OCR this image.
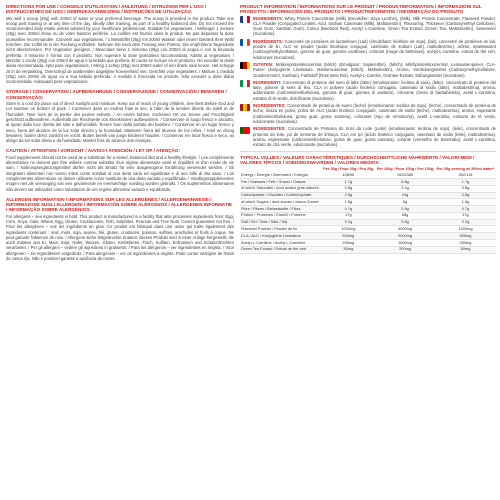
DIRECTIONS FOR USE / CONSEILS D'UTILISATION / ANLEITUNG / ISTRUZIONI PER L'USO / INSTRUCCIONES DE USO / GEBRUIKSAANWIJZING / INSTRUÇÕES DE UTILIZAÇÃO:
Mix well 1 scoop (25g) with 200ml of water or your preferred beverage. The scoop is provided in the product. Take one scoop post training or at any time of the day. Ideally after training, as part of a healthy balanced diet. Do not exceed the recommended daily intake unless advised by your healthcare professional. Suitable for vegetarians. / Mélanger 1 mesure (25g) avec 200ml d'eau ou de votre boisson préférée. La cuillère est fournie dans le produit. Ne pas dépasser la dose journalière recommandée. Convient aux végétariens. / 1 Messlöffel (25g) mit 200ml Wasser oder einem Getränk Ihrer Wahl mischen. Der Löffel ist in der Packung enthalten. Nehmen Sie nach dem Training eine Portion. Die empfohlene Tagesdosis nicht überschreiten. Für Vegetarier geeignet. / Mescolare bene 1 misurino (25g) con 200ml di acqua o con la bevanda preferita. Il misurino è fornito con il prodotto. Non superare la dose giornaliera raccomandata. Adatto ai vegetariani. / Mezclar 1 cacito (25g) con 200ml de agua o la bebida que prefiera. El cacito se incluye en el producto. No exceder la dosis diaria recomendada. Apto para vegetarianos. / Meng 1 schep (25g) met 200ml water of een drank naar keuze. Het schepje zit in de verpakking. Overschrijd de aanbevolen dagelijkse hoeveelheid niet. Geschikt voor vegetariërs. / Misture 1 medida (25g) com 200ml de água ou a sua bebida preferida. A medida é fornecida no produto. Não exceder a dose diária recomendada. Adequado para vegetarianos.
STORAGE / CONSERVATION / AUFBEWAHRUNG / CONSERVAZIONE / CONSERVACIÓN / BEWAREN / CONSERVAÇÃO:
Store in a cool dry place out of direct sunlight and moisture. Keep out of reach of young children. See Best Before End and Lot Number on bottom of pack. / Conserver dans un endroit frais et sec, à l'abri de la lumière directe du soleil et de l'humidité. Tenir hors de la portée des jeunes enfants. / An einem kühlen, trockenen Ort vor Sonne und Feuchtigkeit geschützt aufbewahren. Außerhalb der Reichweite von Kleinkindern aufbewahren. / Conservare in luogo fresco e asciutto, al riparo dalla luce diretta del sole e dall'umidità. Tenere fuori dalla portata dei bambini. / Conservar en un lugar fresco y seco, fuera del alcance de la luz solar directa y la humedad. Mantener fuera del alcance de los niños. / Koel en droog bewaren, buiten direct zonlicht en vocht. Buiten bereik van jonge kinderen houden. / Conservar em local fresco e seco, ao abrigo da luz solar direta e da humidade. Manter fora do alcance das crianças.
CAUTION / ATTENTION / VORSICHT / AVVISO / ATENCIÓN / LET OP / ATENÇÃO:
Food supplements should not be used as a substitute for a varied, balanced diet and a healthy lifestyle. / Les compléments alimentaires ne doivent pas être utilisés comme substitut d'un régime alimentaire varié et équilibré et d'un mode de vie sain. / Nahrungsergänzungsmittel dürfen nicht als Ersatz für eine ausgewogene Ernährung verwendet werden. / Gli integratori alimentari non vanno intesi come sostituti di una dieta varia ed equilibrata e di uno stile di vita sano. / Los complementos alimenticios no deben utilizarse como sustituto de una dieta variada y equilibrada. / Voedingssupplementen mogen niet als vervanging van een gevarieerde en evenwichtige voeding worden gebruikt. / Os suplementos alimentares não devem ser utilizados como substitutos de um regime alimentar variado e equilibrado.
ALLERGEN INFORMATION / INFORMATIONS SUR LES ALLERGÈNES / ALLERGENHINWEISE / INFORMAZIONI SUGLI ALLERGENI / INFORMACIÓN SOBRE ALÉRGENOS / ALLERGENEN INFORMATIE / INFORMAÇÃO SOBRE ALERGÉNIOS:
For allergens – see ingredients in bold. This product is manufactured in a facility that also processes ingredients from: Egg, Corn, Soya, Oats, Wheat, Egg, Gluten, Crustaceans, Fish, Sulphites, Peanuts and Tree Nuts. Cannot guarantee nut free. / Pour les allergènes – voir les ingrédients en gras. Ce produit est fabriqué dans une usine qui traite également des ingrédients contenant : œuf, maïs, soja, avoine, blé, gluten, crustacés, poisson, sulfites, arachides et fruits à coque. Ne peut garantir l'absence de noix. / Allergene siehe fettgedruckte Zutaten. Dieses Produkt wird in einer Anlage hergestellt, die auch Zutaten aus Ei, Mais, Soja, Hafer, Weizen, Gluten, Krebstieren, Fisch, Sulfiten, Erdnüssen und Schalenfrüchten verarbeitet. / Per gli allergeni – vedere gli ingredienti in grassetto. / Para los alérgenos – ver ingredientes en negrita. / Voor allergenen – zie ingrediënten vetgedrukt. / Para alergénios – ver os ingredientes a negrito. Pode conter vestígios de frutos de casca rija. Não é possível garantir a ausência de nozes.
PRODUCT INFORMATION / INFORMATIONS SUR LE PRODUIT / PRODUKTINFORMATION / INFORMAZIONI SUL PRODOTTO / INFORMACIÓN DEL PRODUCTO / PRODUCTINFORMATIE / INFORMAÇÃO DO PRODUTO
INGREDIENTS: Whey Protein Concentrate (Milk) (Emulsifier: Soya Lecithin), (Milk), Milk Protein Concentrate, Flaxseed Powder, CLA Powder (Conjugated Linoleic Acid, Sodium Caseinate (Milk), Maltodextrin), Flavouring, Thickener (Carboxymethyl Cellulose), Guar Gum, Xanthan Gum), Colour (Beetroot Red), Acetyl L-Carnitine, Green Tea Extract (Green Tea, Maltodextrin), Sweetener (Sucralose).
INGRÉDIENTS: Concentré de protéines de lactosérum (Lait) (émulsifiant: lécithine de soja), (lait), concentré de protéines de lait, poudre de lin, ALC en poudre (acide linoléique conjugué, caséinate de sodium (Lait), maltodextrine), arôme, épaississant (carboxyméthylcellulose, gomme de guar, gomme xanthane), colorant (rouge de betterave), acétyl-L-carnitine, extrait de thé vert, édulcorant (sucralose).
ZUTATEN: Molkenproteinkonzentrat (Milch) (Emulgator: Sojalecithin), (Milch), Milchproteinkonzentrat, Leinsamenpulver, CLA-Pulver (konjugierte Linolsäure, Natriumcaseinat (Milch), Maltodextrin), Aroma, Verdickungsmittel (Carboxymethylcellulose, Guarkernmehl, Xanthan), Farbstoff (Rote Bete Rot), Acetyl-L-Carnitin, Grüntee-Extrakt, Süßungsmittel (Sucralose).
INGREDIENTI: Concentrato di proteine del siero di latte (latte) (emulsionante: lecitina di soia), (latte), concentrato di proteine del latte, polvere di semi di lino, CLA in polvere (acido linoleico coniugato, caseinato di sodio (latte), maltodestrina), aroma, addensante (carbossimetilcellulosa, gomma di guar, gomma di xantano), colorante (rosso di barbabietola), acetil L-carnitina, estratto di tè verde, dolcificante (sucralosio).
INGREDIENTES: Concentrado de proteína de suero (leche) (emulsionante: lecitina de soja), (leche), concentrado de proteína de leche, linaza en polvo, polvo de ALC (ácido linoleico conjugado, caseinato de sodio (leche), maltodextrina), aroma, espesante (carboximetilcelulosa, goma guar, goma xantana), colorante (rojo de remolacha), acetil L-carnitina, extracto de té verde, edulcorante (sucralosa).
INGREDIENTES: Concentrado de Proteína do Soro do Leite (Leite) (emulsionante: lecitina de soja), (leite), concentrado de proteína do leite, pó de semente de linhaça, CLA em pó (ácido linoleico conjugado, caseinato de sódio (leite), maltodextrina), aroma, espessante (carboximetilcelulose, goma de guar, goma xantana), corante (vermelho de beterraba), acetil L-carnitina, extrato de chá verde, edulcorante (sucralose).
TYPICAL VALUES / VALEURS CARACTÉRISTIQUES / DURCHSCHNITTLICHE NÄHRWERTE / VALORI MEDI / VALORES TÍPICOS / VOEDINGSWAARDEN / VALORES MÉDIOS:
	Per 25g / Pour 25g / Pro 25g	Per 100g / Pour 100g / Pro 100g	Per 25g serving w/ 200ml water*
Energy / Énergie / Brennwert / Energia	408/96	1633/385	502/118
Fat / Graisses / Fett / Grassi / Grasas	1.7g	6.8g	1.7g
of which Saturates / dont acides gras saturés	0.8g	3.2g	0.8g
Carbohydrate / Glucides / Kohlenhydrate	2.5g	10g	2.5g
of which Sugars / dont sucres / davon Zucker	1.5g	6g	1.5g
Fibre / Fibres / Ballaststoffe / Fibra	0.7g	2.8g	0.7g
Protein / Protéines / Eiweiß / Proteine	17g	68g	17g
Salt / Sel / Salz / Sale / Sal	0.2g	0.8g	0.2g
Flaxseed Powder / Poudre de lin	1000mg	4000mg	1000mg
CLA / ALC / Konjugierte Linolsäure	500mg	2000mg	500mg
Acetyl L-Carnitine / Acétyl L-Carnitine	250mg	1000mg	250mg
Green Tea Extract / Extrait de thé vert	50mg	200mg	50mg
